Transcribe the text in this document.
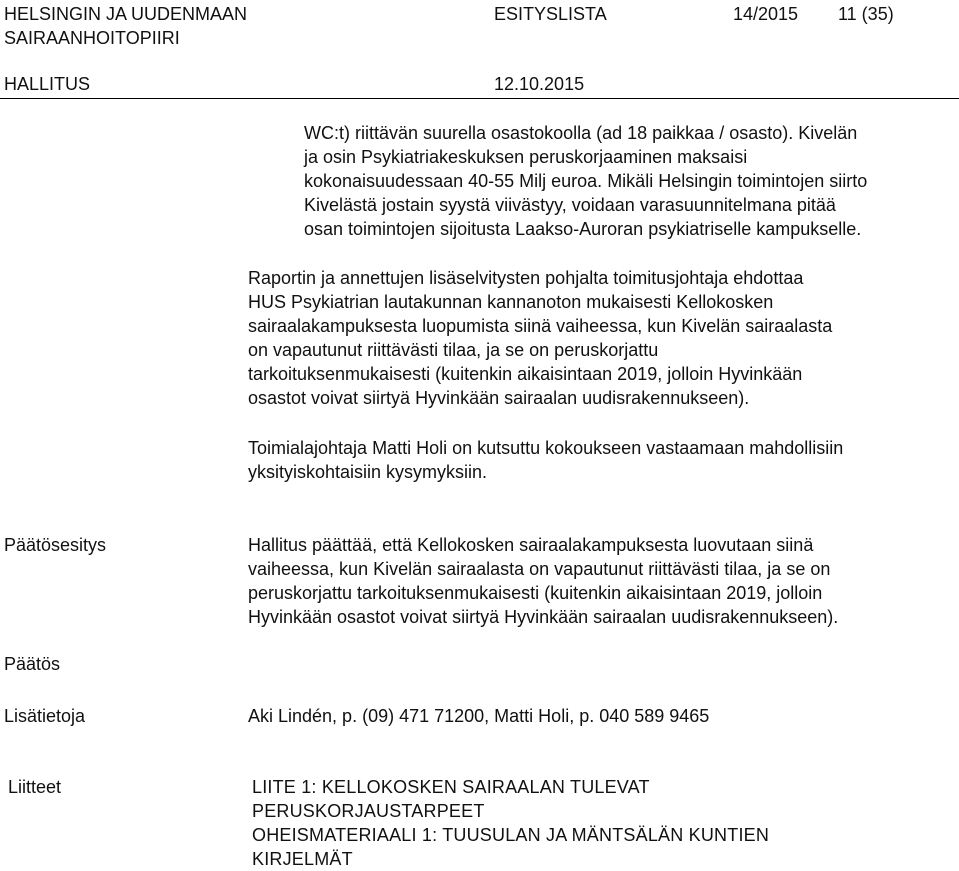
HELSINGIN JA UUDENMAAN
SAIRAANHOITOPIIRI
ESITYSLISTA	14/2015 11 (35)
HALLITUS	12.10.2015
WC:t) riittävän suurella osastokoolla (ad 18 paikkaa / osasto). Kivelän
ja osin Psykiatriakeskuksen peruskorjaaminen maksaisi
kokonaisuudessaan 40-55 Milj euroa. Mikäli Helsingin toimintojen siirto
Kivelästä jostain syystä viivästyy, voidaan varasuunnitelmana pitää
osan toimintojen sijoitusta Laakso-Auroran psykiatriselle kampukselle.
Raportin ja annettujen lisäselvitysten pohjalta toimitusjohtaja ehdottaa
HUS Psykiatrian lautakunnan kannanoton mukaisesti Kellokosken
sairaalakampuksesta luopumista siinä vaiheessa, kun Kivelän sairaalasta
on vapautunut riittävästi tilaa, ja se on peruskorjattu
tarkoituksenmukaisesti (kuitenkin aikaisintaan 2019, jolloin Hyvinkään
osastot voivat siirtyä Hyvinkään sairaalan uudisrakennukseen).
Toimialajohtaja Matti Holi on kutsuttu kokoukseen vastaamaan mahdollisiin
yksityiskohtaisiin kysymyksiin.
Päätösesitys	Hallitus päättää, että Kellokosken sairaalakampuksesta luovutaan siinä
vaiheessa, kun Kivelän sairaalasta on vapautunut riittävästi tilaa, ja se on
peruskorjattu tarkoituksenmukaisesti (kuitenkin aikaisintaan 2019, jolloin
Hyvinkään osastot voivat siirtyä Hyvinkään sairaalan uudisrakennukseen).
Päätös
Lisätietoja	Aki Lindén, p. (09) 471 71200, Matti Holi, p. 040 589 9465
Liitteet	LIITE 1: KELLOKOSKEN SAIRAALAN TULEVAT
PERUSKORJAUSTARPEET
OHEISMATERIAALI 1: TUUSULAN JA MÄNTSÄLÄN KUNTIEN
KIRJELMÄT
